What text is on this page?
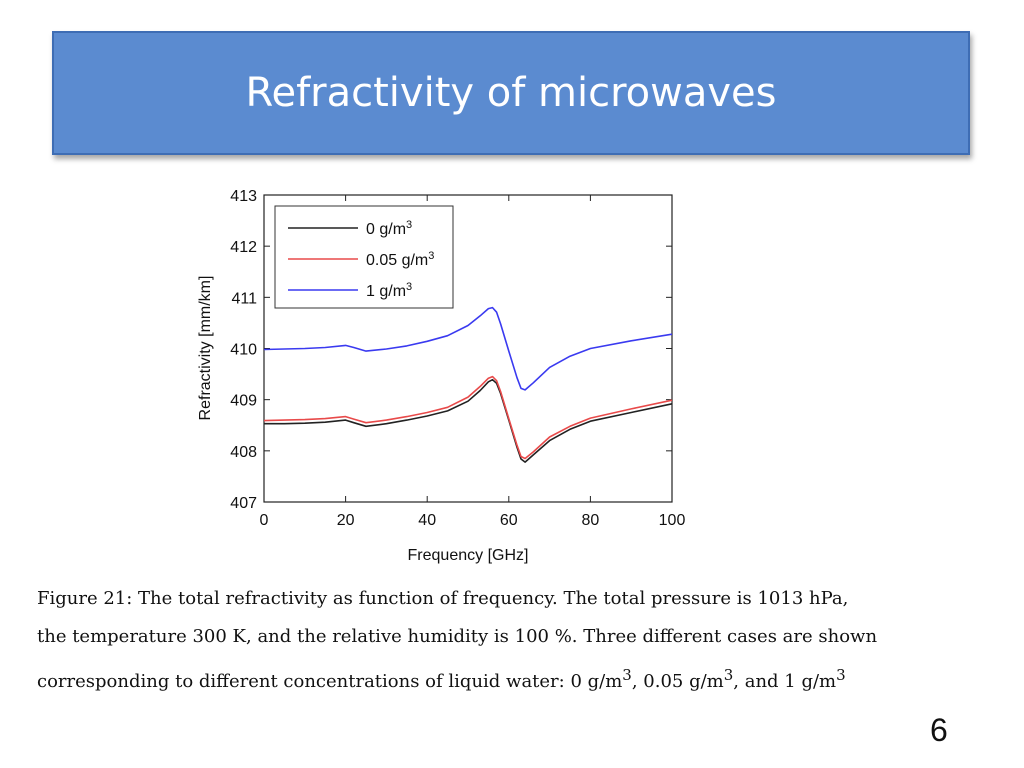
Refractivity of microwaves
407
408
409
410
411
412
413
0	20	40	60	80	100
Frequency [GHz]
Refractivity [mm/km]
0 $g/m^3$
0.05 $g/m^3$
1 $g/m^3$

Figure 21: The total refractivity as function of frequency. The total pressure is 1013 hPa,

the temperature 300 K, and the relative humidity is 100 %. Three different cases are shown

corresponding to different concentrations of liquid water: 0 $g/m^3$, 0.05 $g/m^3$, and 1 $g/m^3$

6
